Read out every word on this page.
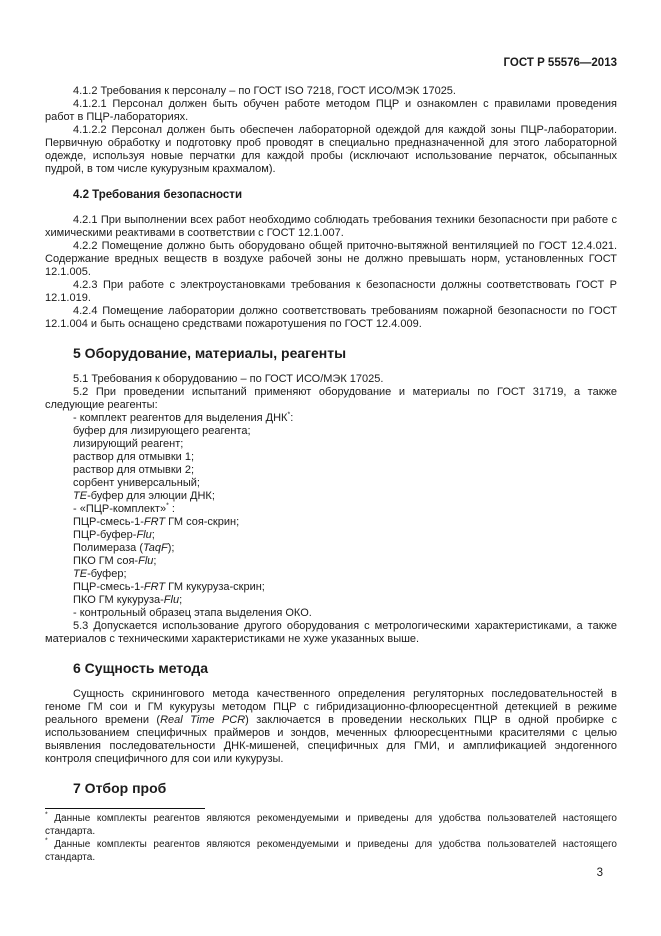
ГОСТ Р 55576—2013
4.1.2 Требования к персоналу – по ГОСТ ISO 7218, ГОСТ ИСО/МЭК 17025.
4.1.2.1 Персонал должен быть обучен работе методом ПЦР и ознакомлен с правилами проведения работ в ПЦР-лабораториях.
4.1.2.2 Персонал должен быть обеспечен лабораторной одеждой для каждой зоны ПЦР-лаборатории. Первичную обработку и подготовку проб проводят в специально предназначенной для этого лабораторной одежде, используя новые перчатки для каждой пробы (исключают использование перчаток, обсыпанных пудрой, в том числе кукурузным крахмалом).
4.2 Требования безопасности
4.2.1 При выполнении всех работ необходимо соблюдать требования техники безопасности при работе с химическими реактивами в соответствии с ГОСТ 12.1.007.
4.2.2 Помещение должно быть оборудовано общей приточно-вытяжной вентиляцией по ГОСТ 12.4.021. Содержание вредных веществ в воздухе рабочей зоны не должно превышать норм, установленных ГОСТ 12.1.005.
4.2.3 При работе с электроустановками требования к безопасности должны соответствовать ГОСТ Р 12.1.019.
4.2.4 Помещение лаборатории должно соответствовать требованиям пожарной безопасности по ГОСТ 12.1.004 и быть оснащено средствами пожаротушения по ГОСТ 12.4.009.
5 Оборудование, материалы, реагенты
5.1 Требования к оборудованию – по ГОСТ ИСО/МЭК 17025.
5.2 При проведении испытаний применяют оборудование и материалы по ГОСТ 31719, а также следующие реагенты:
- комплект реагентов для выделения ДНК*:
буфер для лизирующего реагента;
лизирующий реагент;
раствор для отмывки 1;
раствор для отмывки 2;
сорбент универсальный;
ТЕ-буфер для элюции ДНК;
- «ПЦР-комплект»* :
ПЦР-смесь-1-FRT ГМ соя-скрин;
ПЦР-буфер-Flu;
Полимераза (TaqF);
ПКО ГМ соя-Flu;
ТЕ-буфер;
ПЦР-смесь-1-FRT ГМ кукуруза-скрин;
ПКО ГМ кукуруза-Flu;
- контрольный образец этапа выделения ОКО.
5.3 Допускается использование другого оборудования с метрологическими характеристиками, а также материалов с техническими характеристиками не хуже указанных выше.
6 Сущность метода
Сущность скринингового метода качественного определения регуляторных последовательностей в геноме ГМ сои и ГМ кукурузы методом ПЦР с гибридизационно-флюоресцентной детекцией в режиме реального времени (Real Time PCR) заключается в проведении нескольких ПЦР в одной пробирке с использованием специфичных праймеров и зондов, меченных флюоресцентными красителями с целью выявления последовательности ДНК-мишеней, специфичных для ГМИ, и амплификацией эндогенного контроля специфичного для сои или кукурузы.
7 Отбор проб
* Данные комплекты реагентов являются рекомендуемыми и приведены для удобства пользователей настоящего стандарта.
* Данные комплекты реагентов являются рекомендуемыми и приведены для удобства пользователей настоящего стандарта.
3
